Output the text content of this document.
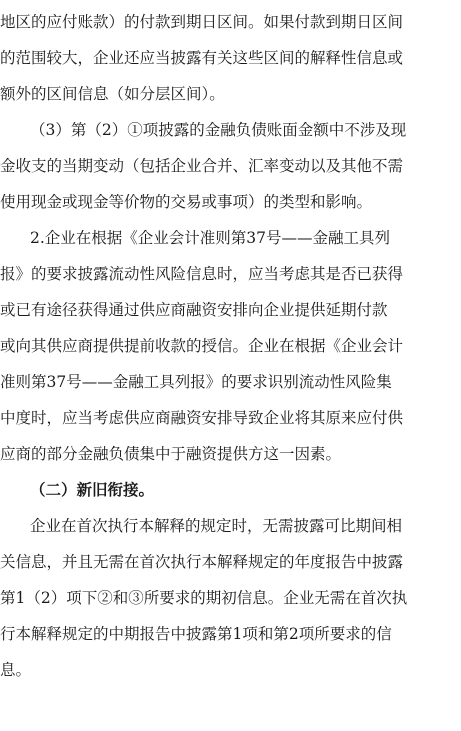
地区的应付账款）的付款到期日区间。如果付款到期日区间
的范围较大，企业还应当披露有关这些区间的解释性信息或
额外的区间信息（如分层区间）。
（3）第（2）①项披露的金融负债账面金额中不涉及现
金收支的当期变动（包括企业合并、汇率变动以及其他不需
使用现金或现金等价物的交易或事项）的类型和影响。
2.企业在根据《企业会计准则第37号——金融工具列
报》的要求披露流动性风险信息时，应当考虑其是否已获得
或已有途径获得通过供应商融资安排向企业提供延期付款
或向其供应商提供提前收款的授信。企业在根据《企业会计
准则第37号——金融工具列报》的要求识别流动性风险集
中度时，应当考虑供应商融资安排导致企业将其原来应付供
应商的部分金融负债集中于融资提供方这一因素。
（二）新旧衔接。
企业在首次执行本解释的规定时，无需披露可比期间相
关信息，并且无需在首次执行本解释规定的年度报告中披露
第1（2）项下②和③所要求的期初信息。企业无需在首次执
行本解释规定的中期报告中披露第1项和第2项所要求的信
息。
